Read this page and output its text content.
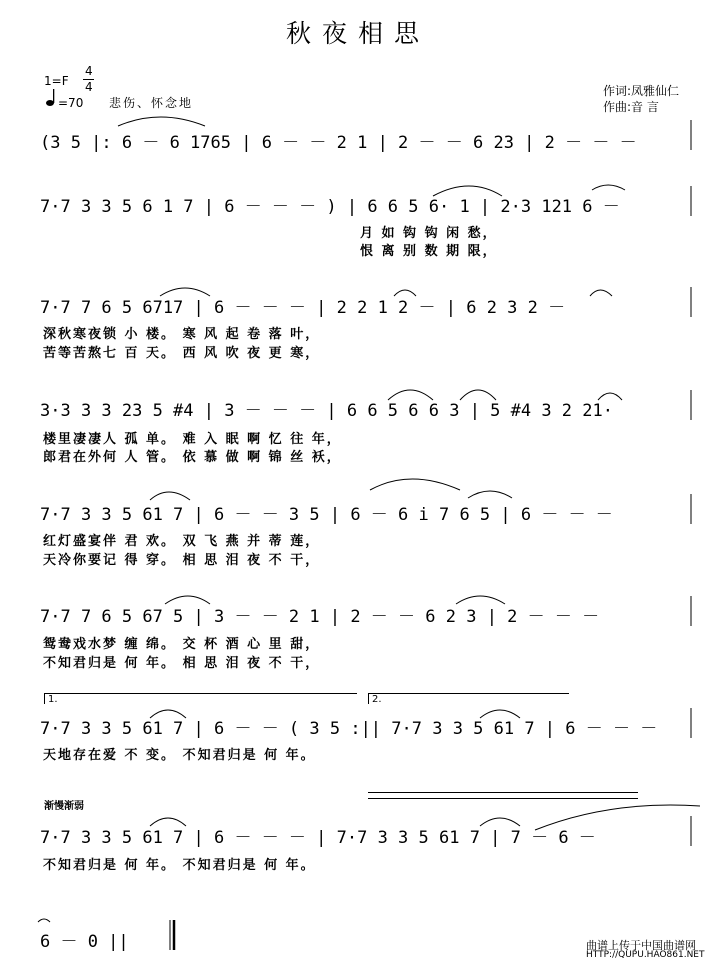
秋夜相思
1=F
4
4
=70 悲伤、怀念地
作词:凤雅仙仁
作曲:音 言
(3 5 |: 6 － 6 1765 | 6 － － 2 1 | 2 － － 6 23 | 2 － － －
7·7 3 3 5 6 1 7 | 6 － － － ) | 6 6 5 6· 1 | 2·3 121 6 －
月 如 钩 钩 闲 愁，
恨 离 别 数 期 限，
7·7 7 6 5 6717 | 6 － － － | 2 2 1 2 － | 6 2 3 2 －
深秋寒夜锁 小 楼。 寒 风 起 卷 落 叶，
苦等苦熬七 百 天。 西 风 吹 夜 更 寒，
3·3 3 3 23 5 #4 | 3 － － － | 6 6 5 6 6 3 | 5 #4 3 2 21·
楼里凄凄人 孤 单。 难 入 眠 啊 忆 往 年，
郎君在外何 人 管。 依 慕 做 啊 锦 丝 袄，
7·7 3 3 5 61 7 | 6 － － 3 5 | 6 － 6 i 7 6 5 | 6 － － －
红灯盛宴伴 君 欢。 双 飞 燕 并 蒂 莲，
天冷你要记 得 穿。 相 思 泪 夜 不 干，
7·7 7 6 5 67 5 | 3 － － 2 1 | 2 － － 6 2 3 | 2 － － －
鸳鸯戏水梦 缠 绵。 交 杯 酒 心 里 甜，
不知君归是 何 年。 相 思 泪 夜 不 干，
1.	2.
7·7 3 3 5 61 7 | 6 － － ( 3 5 :|| 7·7 3 3 5 61 7 | 6 － － －
天地存在爱 不 变。 不知君归是 何 年。
渐慢渐弱
7·7 3 3 5 61 7 | 6 － － － | 7·7 3 3 5 61 7 | 7 － 6 －
不知君归是 何 年。 不知君归是 何 年。
6 － 0 ||	曲谱上传于中国曲谱网
HTTP://QUPU.HAO861.NET
